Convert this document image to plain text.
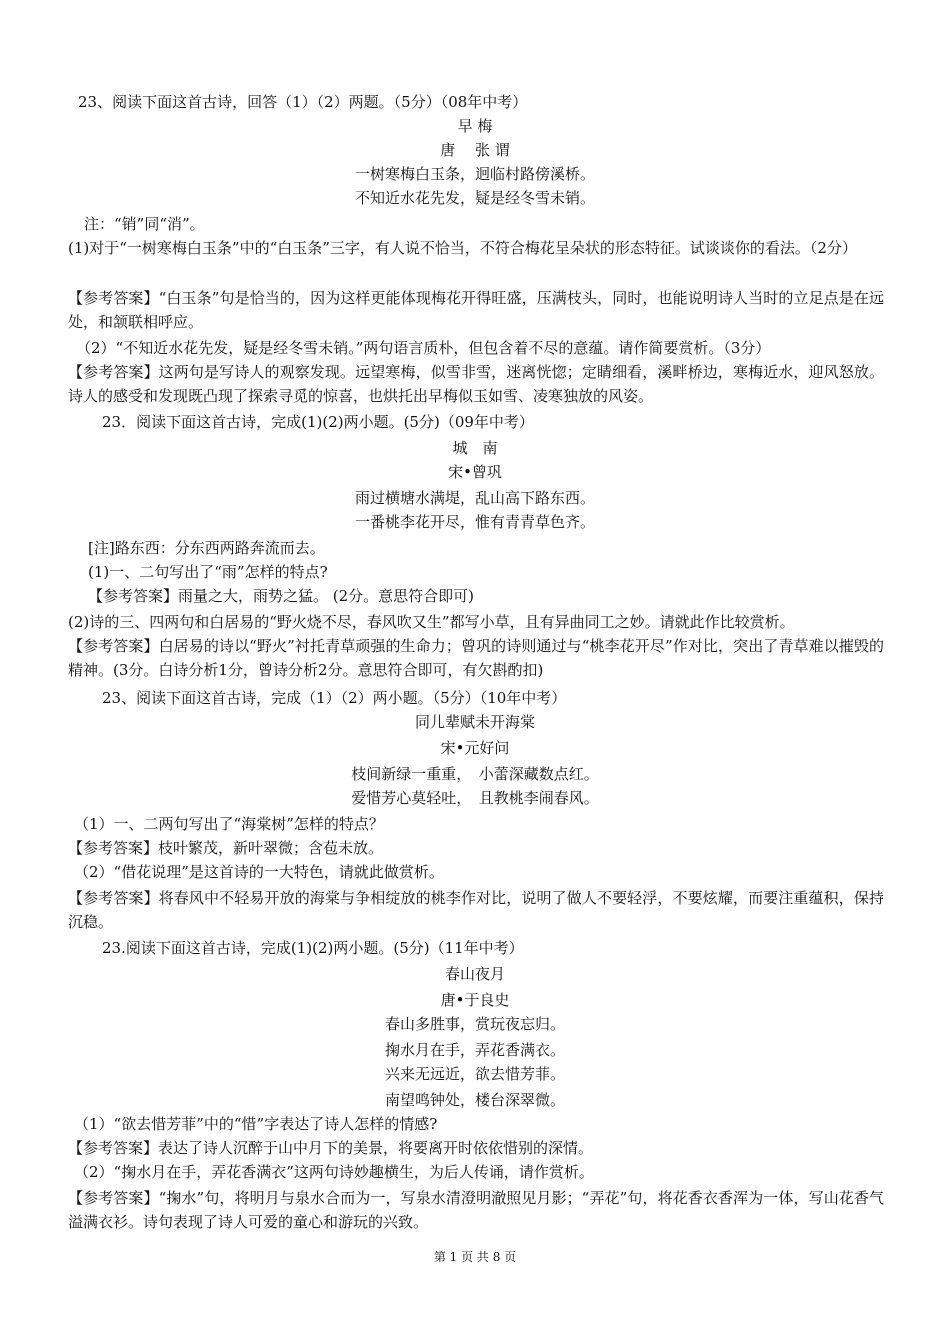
23、阅读下面这首古诗，回答（1）（2）两题。（5分）（08年中考）
早 梅
唐　 张 谓
一树寒梅白玉条，迥临村路傍溪桥。
不知近水花先发，疑是经冬雪未销。
注：“销”同“消”。
(1)对于“一树寒梅白玉条”中的“白玉条”三字，有人说不恰当，不符合梅花呈朵状的形态特征。试谈谈你的看法。（2分）
【参考答案】“白玉条”句是恰当的，因为这样更能体现梅花开得旺盛，压满枝头，同时，也能说明诗人当时的立足点是在远处，和颔联相呼应。
（2）“不知近水花先发，疑是经冬雪未销。”两句语言质朴，但包含着不尽的意蕴。请作简要赏析。（3分）
【参考答案】这两句是写诗人的观察发现。远望寒梅，似雪非雪，迷离恍惚；定睛细看，溪畔桥边，寒梅近水，迎风怒放。诗人的感受和发现既凸现了探索寻觅的惊喜，也烘托出早梅似玉如雪、凌寒独放的风姿。
23．阅读下面这首古诗，完成(1)(2)两小题。(5分)（09年中考）
城　南
宋•曾巩
雨过横塘水满堤，乱山高下路东西。
一番桃李花开尽，惟有青青草色齐。
[注]路东西：分东西两路奔流而去。
(1)一、二句写出了“雨”怎样的特点?
【参考答案】雨量之大，雨势之猛。 (2分。意思符合即可)
(2)诗的三、四两句和白居易的“野火烧不尽，春风吹又生”都写小草，且有异曲同工之妙。请就此作比较赏析。
【参考答案】白居易的诗以“野火”衬托青草顽强的生命力；曾巩的诗则通过与“桃李花开尽”作对比，突出了青草难以摧毁的精神。(3分。白诗分析1分，曾诗分析2分。意思符合即可，有欠斟酌扣)
23、阅读下面这首古诗，完成（1）（2）两小题。（5分）（10年中考）
同儿辈赋未开海棠
宋•元好问
枝间新绿一重重，　小蕾深藏数点红。
爱惜芳心莫轻吐，　且教桃李闹春风。
（1）一、二两句写出了“海棠树”怎样的特点？
【参考答案】枝叶繁茂，新叶翠微；含苞未放。
（2）“借花说理”是这首诗的一大特色，请就此做赏析。
【参考答案】将春风中不轻易开放的海棠与争相绽放的桃李作对比，说明了做人不要轻浮，不要炫耀，而要注重蕴积，保持沉稳。
23.阅读下面这首古诗，完成(1)(2)两小题。(5分)（11年中考）
春山夜月
唐•于良史
春山多胜事，赏玩夜忘归。
掬水月在手，弄花香满衣。
兴来无远近，欲去惜芳菲。
南望鸣钟处，楼台深翠微。
（1）“欲去惜芳菲”中的“惜”字表达了诗人怎样的情感?
【参考答案】表达了诗人沉醉于山中月下的美景，将要离开时依依惜别的深情。
（2）“掬水月在手，弄花香满衣”这两句诗妙趣横生，为后人传诵，请作赏析。
【参考答案】“掬水”句，将明月与泉水合而为一，写泉水清澄明澈照见月影；“弄花”句，将花香衣香浑为一体，写山花香气溢满衣衫。诗句表现了诗人可爱的童心和游玩的兴致。
第 1 页 共 8 页
